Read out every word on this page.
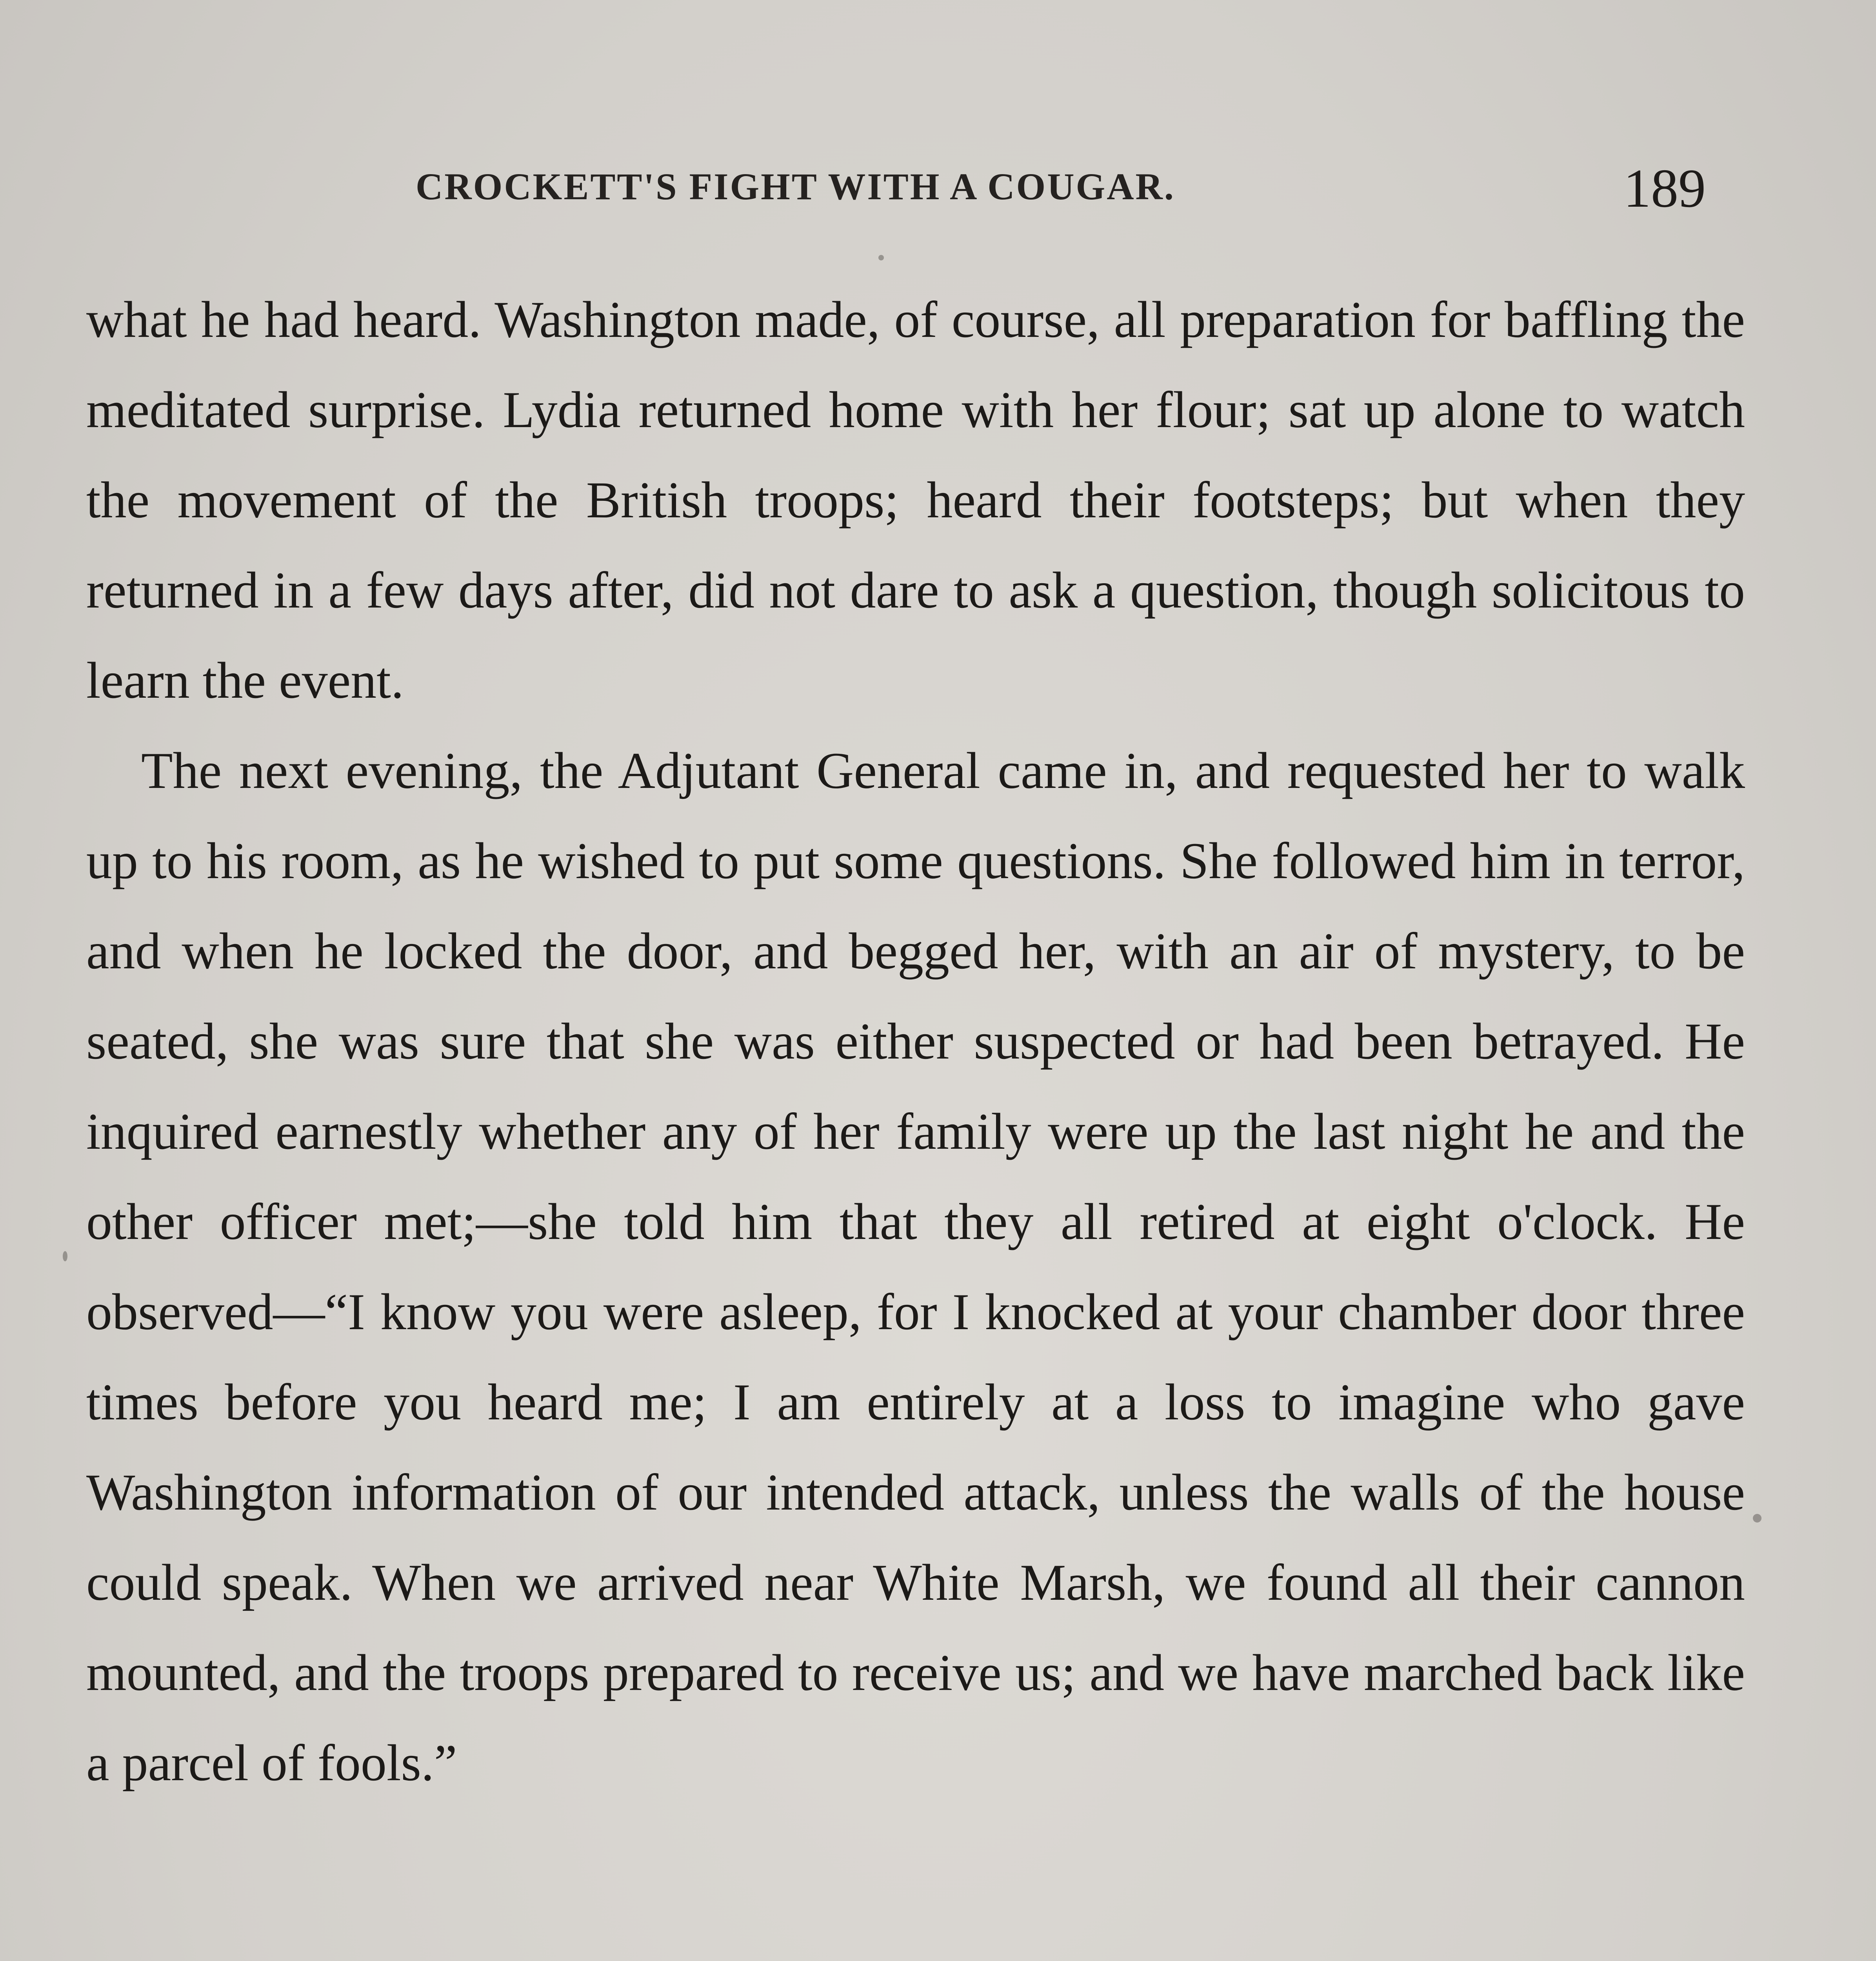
CROCKETT'S FIGHT WITH A COUGAR.	189

what he had heard. Washington made, of course, all preparation for baffling the meditated surprise. Lydia returned home with her flour; sat up alone to watch the movement of the British troops; heard their footsteps; but when they returned in a few days after, did not dare to ask a question, though solicitous to learn the event.

The next evening, the Adjutant General came in, and requested her to walk up to his room, as he wished to put some questions. She followed him in terror, and when he locked the door, and begged her, with an air of mystery, to be seated, she was sure that she was either suspected or had been betrayed. He inquired earnestly whether any of her family were up the last night he and the other officer met;—she told him that they all retired at eight o'clock. He observed—“I know you were asleep, for I knocked at your chamber door three times before you heard me; I am entirely at a loss to imagine who gave Washington information of our intended attack, unless the walls of the house could speak. When we arrived near White Marsh, we found all their cannon mounted, and the troops prepared to receive us; and we have marched back like a parcel of fools.”
